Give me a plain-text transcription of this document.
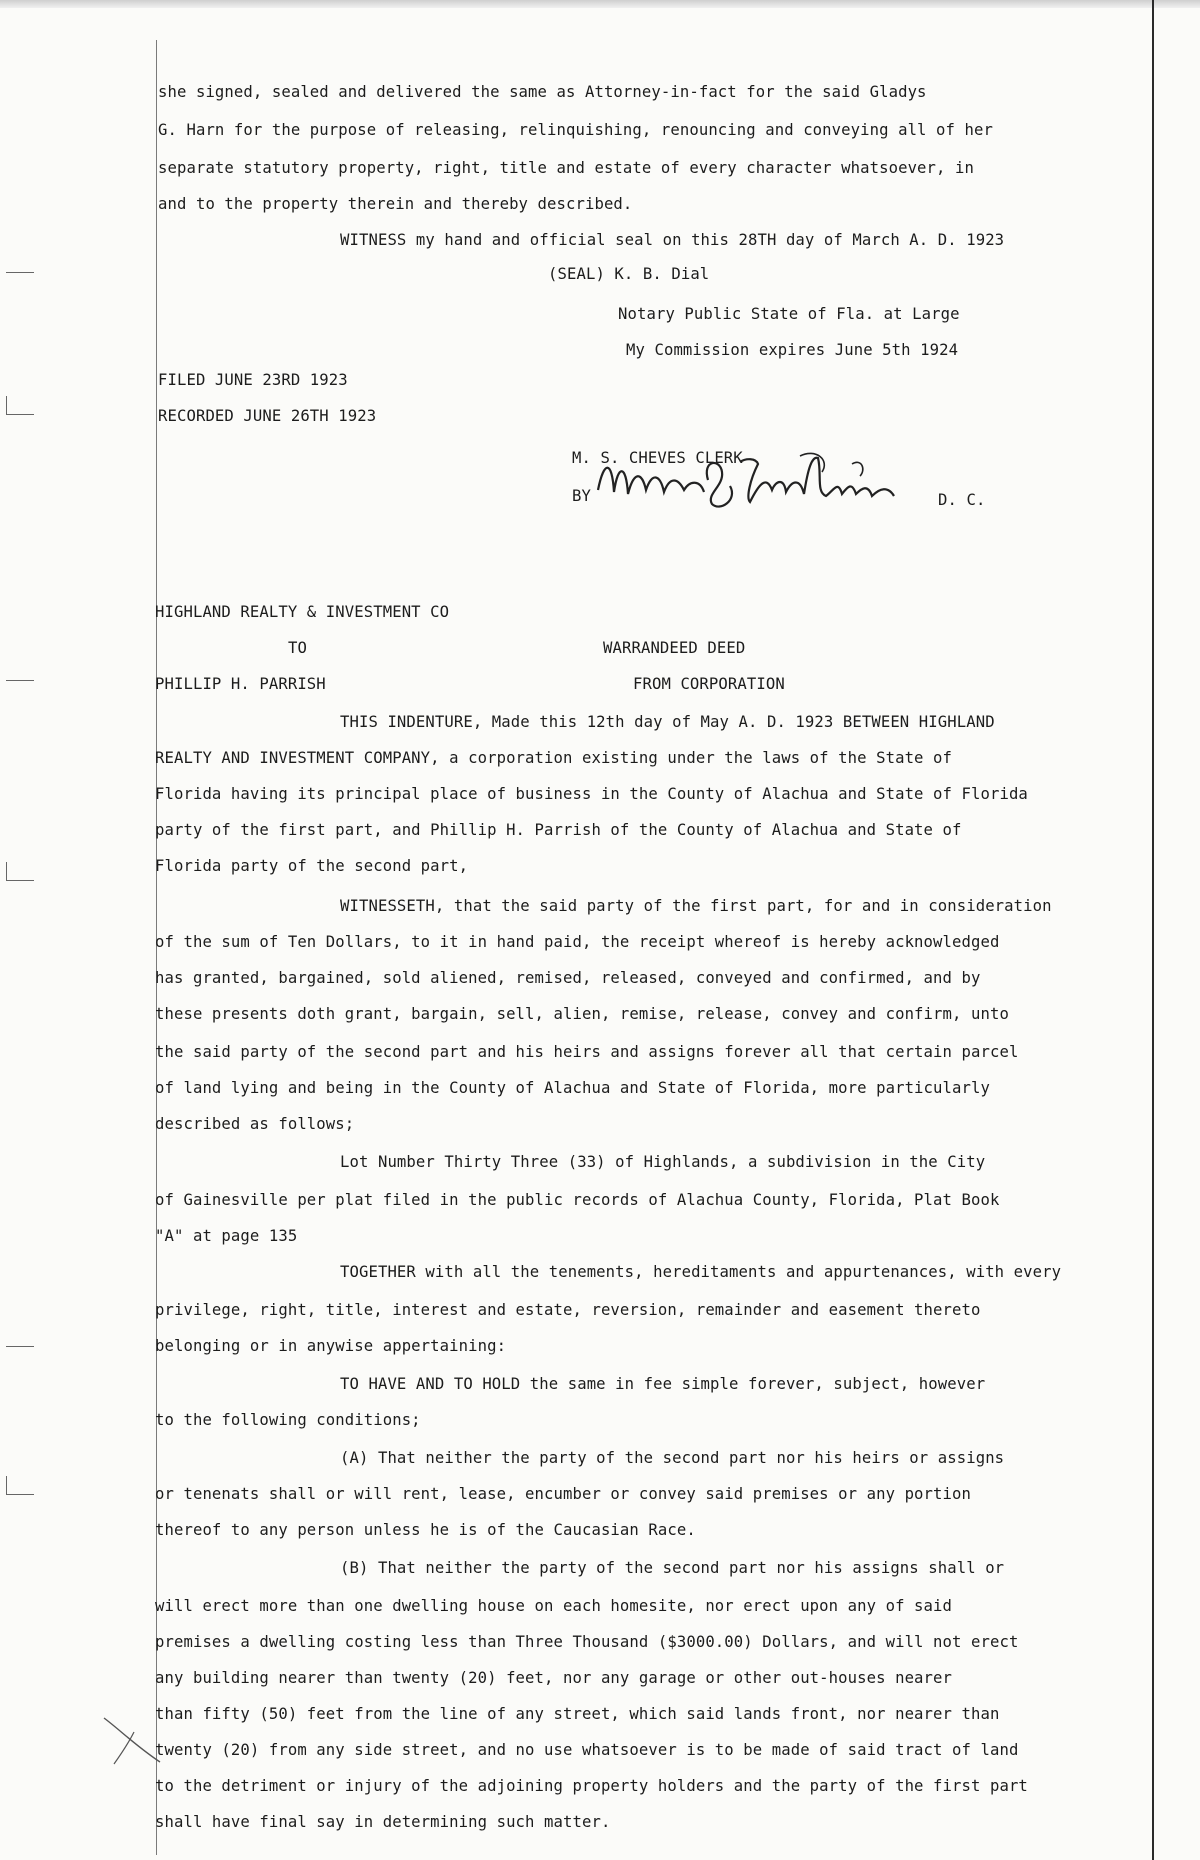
she signed, sealed and delivered the same as Attorney-in-fact for the said Gladys
G. Harn for the purpose of releasing, relinquishing, renouncing and conveying all of her
separate statutory property, right, title and estate of every character whatsoever, in
and to the property therein and thereby described.
WITNESS my hand and official seal on this 28TH day of March A. D. 1923
(SEAL) K. B. Dial
Notary Public State of Fla. at Large
My Commission expires June 5th 1924
FILED JUNE 23RD 1923
RECORDED JUNE 26TH 1923
M. S. CHEVES CLERK
BY	D. C.
HIGHLAND REALTY & INVESTMENT CO
TO	WARRANDEED DEED
PHILLIP H. PARRISH	FROM CORPORATION
THIS INDENTURE, Made this 12th day of May A. D. 1923 BETWEEN HIGHLAND
REALTY AND INVESTMENT COMPANY, a corporation existing under the laws of the State of
Florida having its principal place of business in the County of Alachua and State of Florida
party of the first part, and Phillip H. Parrish of the County of Alachua and State of
Florida party of the second part,
WITNESSETH, that the said party of the first part, for and in consideration
of the sum of Ten Dollars, to it in hand paid, the receipt whereof is hereby acknowledged
has granted, bargained, sold aliened, remised, released, conveyed and confirmed, and by
these presents doth grant, bargain, sell, alien, remise, release, convey and confirm, unto
the said party of the second part and his heirs and assigns forever all that certain parcel
of land lying and being in the County of Alachua and State of Florida, more particularly
described as follows;
Lot Number Thirty Three (33) of Highlands, a subdivision in the City
of Gainesville per plat filed in the public records of Alachua County, Florida, Plat Book
"A" at page 135
TOGETHER with all the tenements, hereditaments and appurtenances, with every
privilege, right, title, interest and estate, reversion, remainder and easement thereto
belonging or in anywise appertaining:
TO HAVE AND TO HOLD the same in fee simple forever, subject, however
to the following conditions;
(A) That neither the party of the second part nor his heirs or assigns
or tenenats shall or will rent, lease, encumber or convey said premises or any portion
thereof to any person unless he is of the Caucasian Race.
(B) That neither the party of the second part nor his assigns shall or
will erect more than one dwelling house on each homesite, nor erect upon any of said
premises a dwelling costing less than Three Thousand ($3000.00) Dollars, and will not erect
any building nearer than twenty (20) feet, nor any garage or other out-houses nearer
than fifty (50) feet from the line of any street, which said lands front, nor nearer than
twenty (20) from any side street, and no use whatsoever is to be made of said tract of land
to the detriment or injury of the adjoining property holders and the party of the first part
shall have final say in determining such matter.
